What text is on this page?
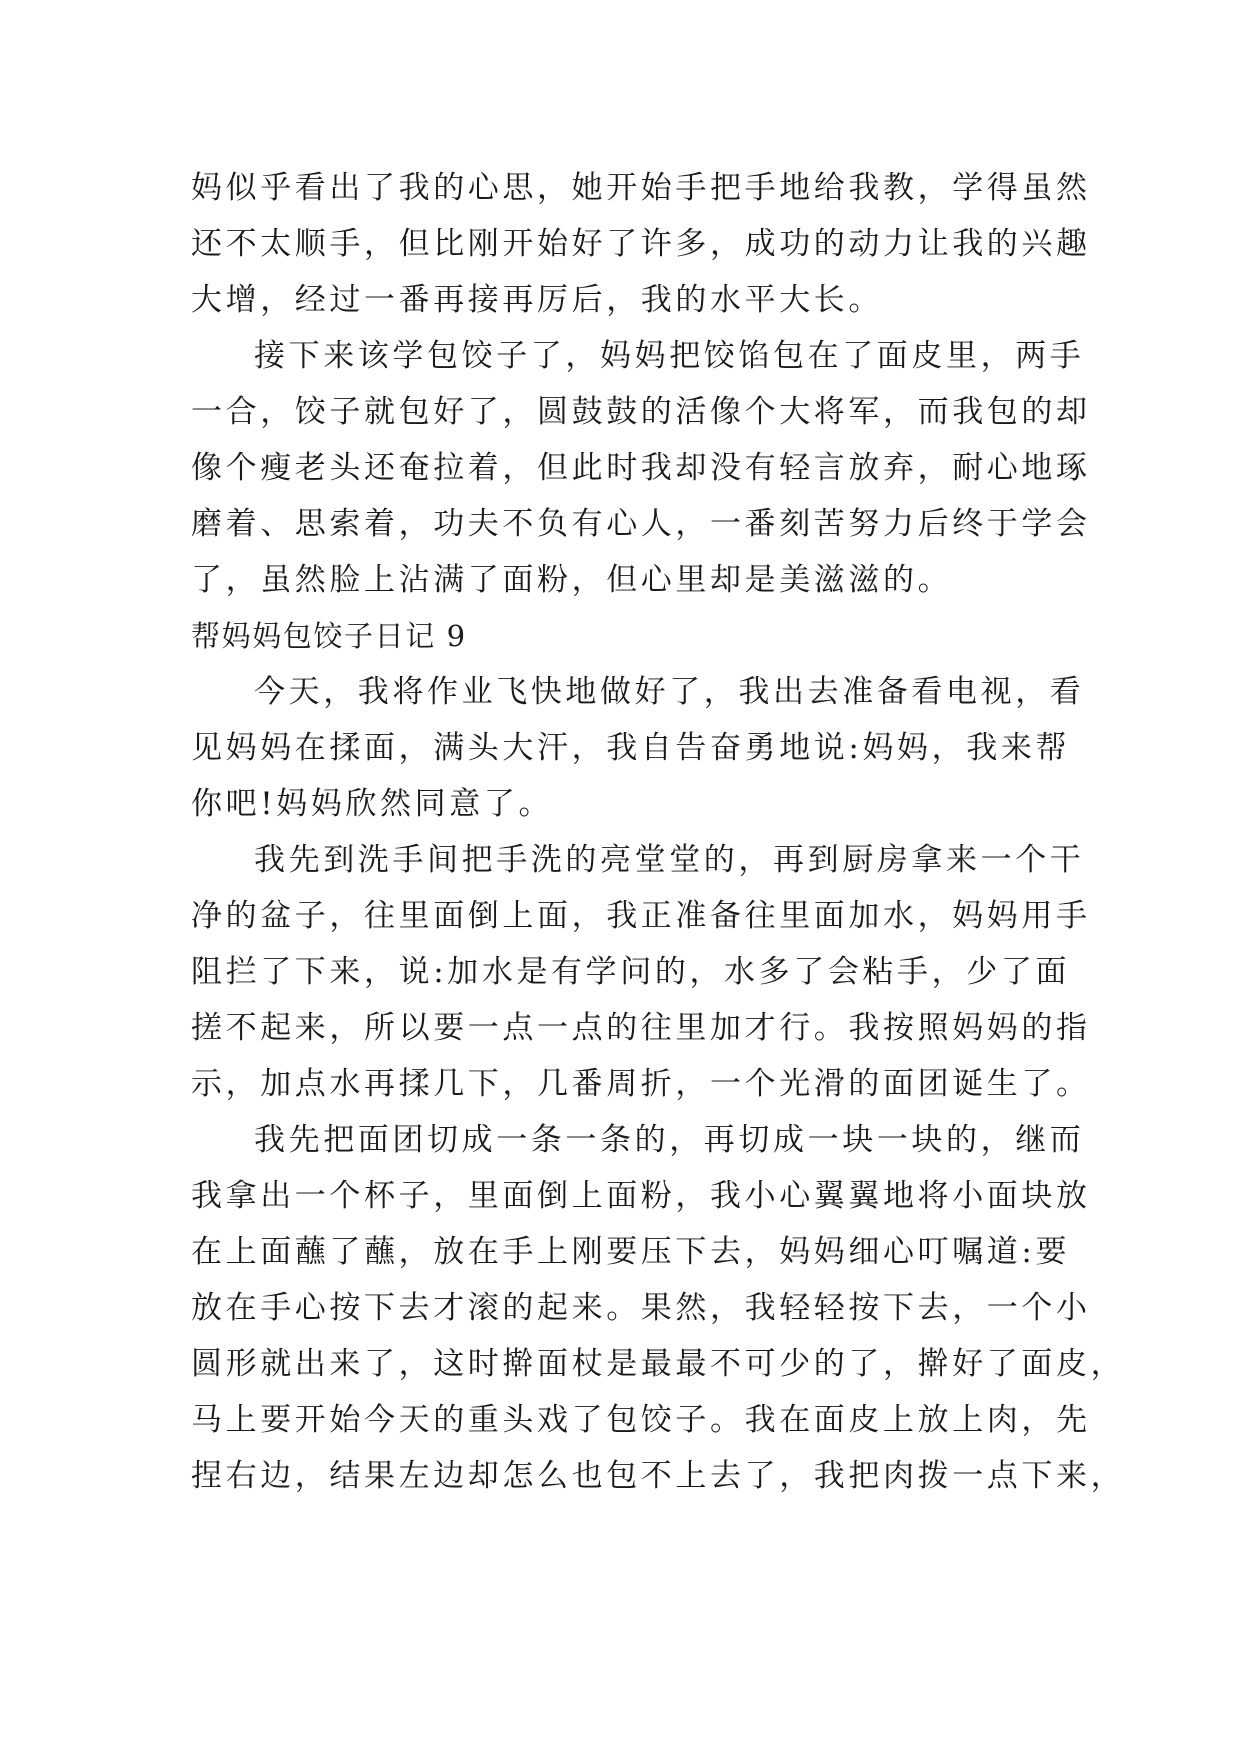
妈似乎看出了我的心思，她开始手把手地给我教，学得虽然
还不太顺手，但比刚开始好了许多，成功的动力让我的兴趣
大增，经过一番再接再厉后，我的水平大长。
接下来该学包饺子了，妈妈把饺馅包在了面皮里，两手
一合，饺子就包好了，圆鼓鼓的活像个大将军，而我包的却
像个瘦老头还奄拉着，但此时我却没有轻言放弃，耐心地琢
磨着、思索着，功夫不负有心人，一番刻苦努力后终于学会
了，虽然脸上沾满了面粉，但心里却是美滋滋的。
帮妈妈包饺子日记 9
今天，我将作业飞快地做好了，我出去准备看电视，看
见妈妈在揉面，满头大汗，我自告奋勇地说:妈妈，我来帮
你吧!妈妈欣然同意了。
我先到洗手间把手洗的亮堂堂的，再到厨房拿来一个干
净的盆子，往里面倒上面，我正准备往里面加水，妈妈用手
阻拦了下来，说:加水是有学问的，水多了会粘手，少了面
搓不起来，所以要一点一点的往里加才行。我按照妈妈的指
示，加点水再揉几下，几番周折，一个光滑的面团诞生了。
我先把面团切成一条一条的，再切成一块一块的，继而
我拿出一个杯子，里面倒上面粉，我小心翼翼地将小面块放
在上面蘸了蘸，放在手上刚要压下去，妈妈细心叮嘱道:要
放在手心按下去才滚的起来。果然，我轻轻按下去，一个小
圆形就出来了，这时擀面杖是最最不可少的了，擀好了面皮，
马上要开始今天的重头戏了包饺子。我在面皮上放上肉，先
捏右边，结果左边却怎么也包不上去了，我把肉拨一点下来，
